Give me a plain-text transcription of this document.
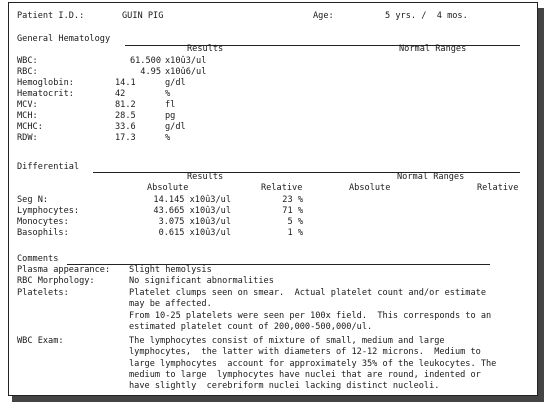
Patient I.D.:	GUIN PIG	Age:	5 yrs. /  4 mos.
General Hematology
Results	Normal Ranges
WBC:	61.500 x10û3/ul
RBC:	4.95 x10û6/ul
Hemoglobin:	14.1	g/dl
Hematocrit:	42	%
MCV:	81.2	fl
MCH:	28.5	pg
MCHC:	33.6	g/dl
RDW:	17.3	%
Differential
Results	Normal Ranges
Absolute	Relative	Absolute	Relative
Seg N:	14.145 x10û3/ul	23 %
Lymphocytes:	43.665 x10û3/ul	71 %
Monocytes:	3.075 x10û3/ul	5 %
Basophils:	0.615 x10û3/ul	1 %
Comments
Plasma appearance: Slight hemolysis
RBC Morphology:	No significant abnormalities
Platelets:	Platelet clumps seen on smear.  Actual platelet count and/or estimate
may be affected.
From 10-25 platelets were seen per 100x field.  This corresponds to an
estimated platelet count of 200,000-500,000/ul.
WBC Exam:	The lymphocytes consist of mixture of small, medium and large
lymphocytes,  the latter with diameters of 12-12 microns.  Medium to
large lymphocytes  account for approximately 35% of the leukocytes. The
medium to large  lymphocytes have nuclei that are round, indented or
have slightly  cerebriform nuclei lacking distinct nucleoli.
